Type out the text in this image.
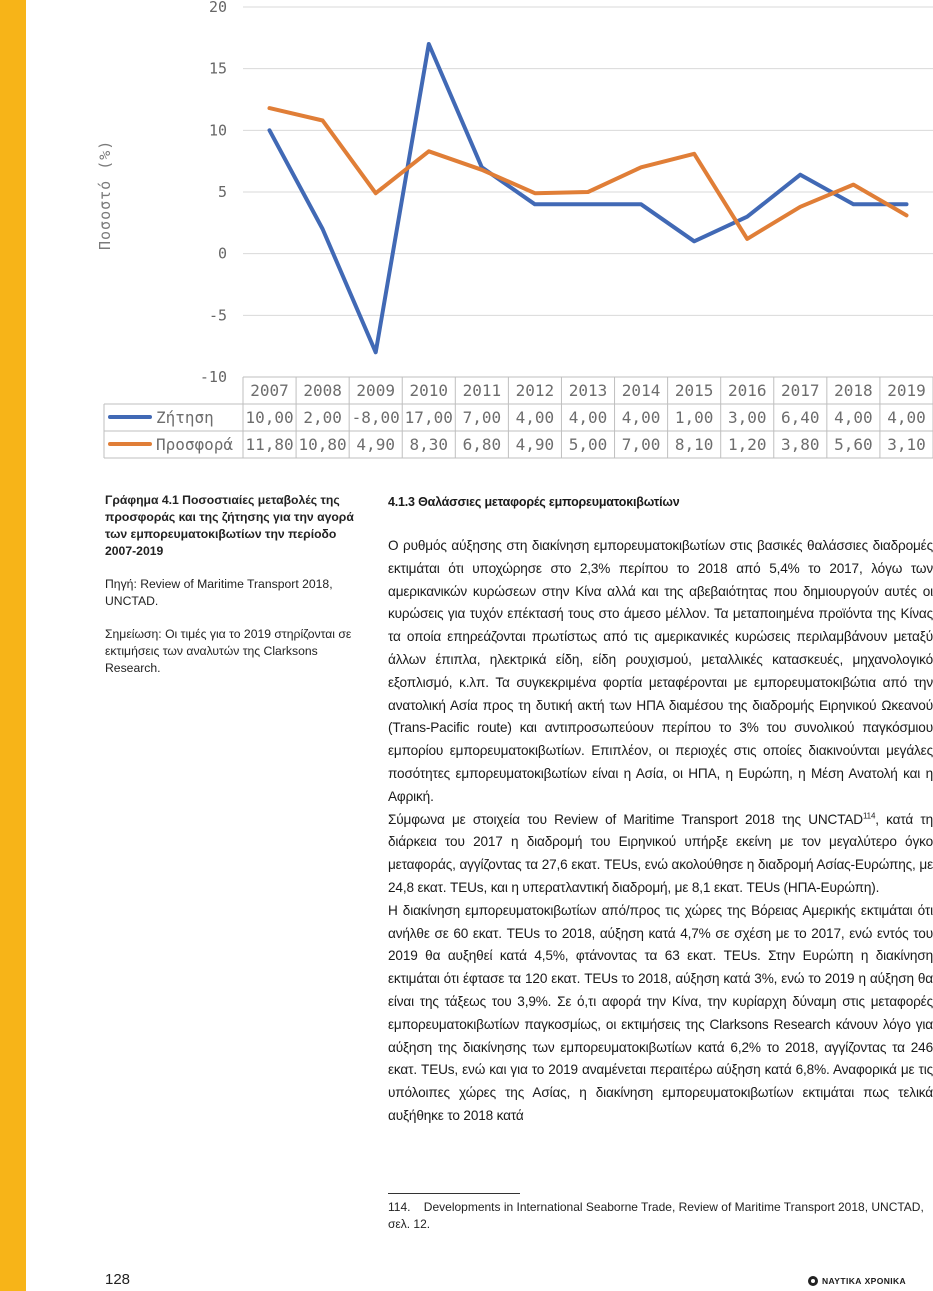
20
15
10
5
0
-5
-10
Ποσοστό (%)
2007 2008 2009 2010 2011 2012 2013 2014 2015 2016 2017 2018 2019
Ζήτηση 10,00 2,00 -8,00 17,00 7,00 4,00 4,00 4,00 1,00 3,00 6,40 4,00 4,00
Προσφορά 11,80 10,80 4,90 8,30 6,80 4,90 5,00 7,00 8,10 1,20 3,80 5,60 3,10

Γράφημα 4.1 Ποσοστιαίες μεταβολές της προσφοράς και της ζήτησης για την αγορά των εμπορευματοκιβωτίων την περίοδο 2007-2019

Πηγή: Review of Maritime Transport 2018, UNCTAD.

Σημείωση: Οι τιμές για το 2019 στηρίζονται σε εκτιμήσεις των αναλυτών της Clarksons Research.

4.1.3 Θαλάσσιες μεταφορές εμπορευματοκιβωτίων

Ο ρυθμός αύξησης στη διακίνηση εμπορευματοκιβωτίων στις βασικές θαλάσσιες διαδρομές εκτιμάται ότι υποχώρησε στο 2,3% περίπου το 2018 από 5,4% το 2017, λόγω των αμερικανικών κυρώσεων στην Κίνα αλλά και της αβεβαιότητας που δημιουργούν αυτές οι κυρώσεις για τυχόν επέκτασή τους στο άμεσο μέλλον. Τα μεταποιημένα προϊόντα της Κίνας τα οποία επηρεάζονται πρωτίστως από τις αμερικανικές κυρώσεις περιλαμβάνουν μεταξύ άλλων έπιπλα, ηλεκτρικά είδη, είδη ρουχισμού, μεταλλικές κατασκευές, μηχανολογικό εξοπλισμό, κ.λπ. Τα συγκεκριμένα φορτία μεταφέρονται με εμπορευματοκιβώτια από την ανατολική Ασία προς τη δυτική ακτή των ΗΠΑ διαμέσου της διαδρομής Ειρηνικού Ωκεανού (Trans-Pacific route) και αντιπροσωπεύουν περίπου το 3% του συνολικού παγκόσμιου εμπορίου εμπορευματοκιβωτίων. Επιπλέον, οι περιοχές στις οποίες διακινούνται μεγάλες ποσότητες εμπορευματοκιβωτίων είναι η Ασία, οι ΗΠΑ, η Ευρώπη, η Μέση Ανατολή και η Αφρική.

Σύμφωνα με στοιχεία του Review of Maritime Transport 2018 της UNCTAD$^{114}$, κατά τη διάρκεια του 2017 η διαδρομή του Ειρηνικού υπήρξε εκείνη με τον μεγαλύτερο όγκο μεταφοράς, αγγίζοντας τα 27,6 εκατ. TEUs, ενώ ακολούθησε η διαδρομή Ασίας-Ευρώπης, με 24,8 εκατ. TEUs, και η υπερατλαντική διαδρομή, με 8,1 εκατ. TEUs (ΗΠΑ-Ευρώπη).

Η διακίνηση εμπορευματοκιβωτίων από/προς τις χώρες της Βόρειας Αμερικής εκτιμάται ότι ανήλθε σε 60 εκατ. TEUs το 2018, αύξηση κατά 4,7% σε σχέση με το 2017, ενώ εντός του 2019 θα αυξηθεί κατά 4,5%, φτάνοντας τα 63 εκατ. TEUs. Στην Ευρώπη η διακίνηση εκτιμάται ότι έφτασε τα 120 εκατ. TEUs το 2018, αύξηση κατά 3%, ενώ το 2019 η αύξηση θα είναι της τάξεως του 3,9%. Σε ό,τι αφορά την Κίνα, την κυρίαρχη δύναμη στις μεταφορές εμπορευματοκιβωτίων παγκοσμίως, οι εκτιμήσεις της Clarksons Research κάνουν λόγο για αύξηση της διακίνησης των εμπορευματοκιβωτίων κατά 6,2% το 2018, αγγίζοντας τα 246 εκατ. TEUs, ενώ και για το 2019 αναμένεται περαιτέρω αύξηση κατά 6,8%. Αναφορικά με τις υπόλοιπες χώρες της Ασίας, η διακίνηση εμπορευματοκιβωτίων εκτιμάται πως τελικά αυξήθηκε το 2018 κατά

114.    Developments in International Seaborne Trade, Review of Maritime Transport 2018, UNCTAD, σελ. 12.
128	ΝΑΥΤΙΚΑ ΧΡΟΝΙΚΑ
